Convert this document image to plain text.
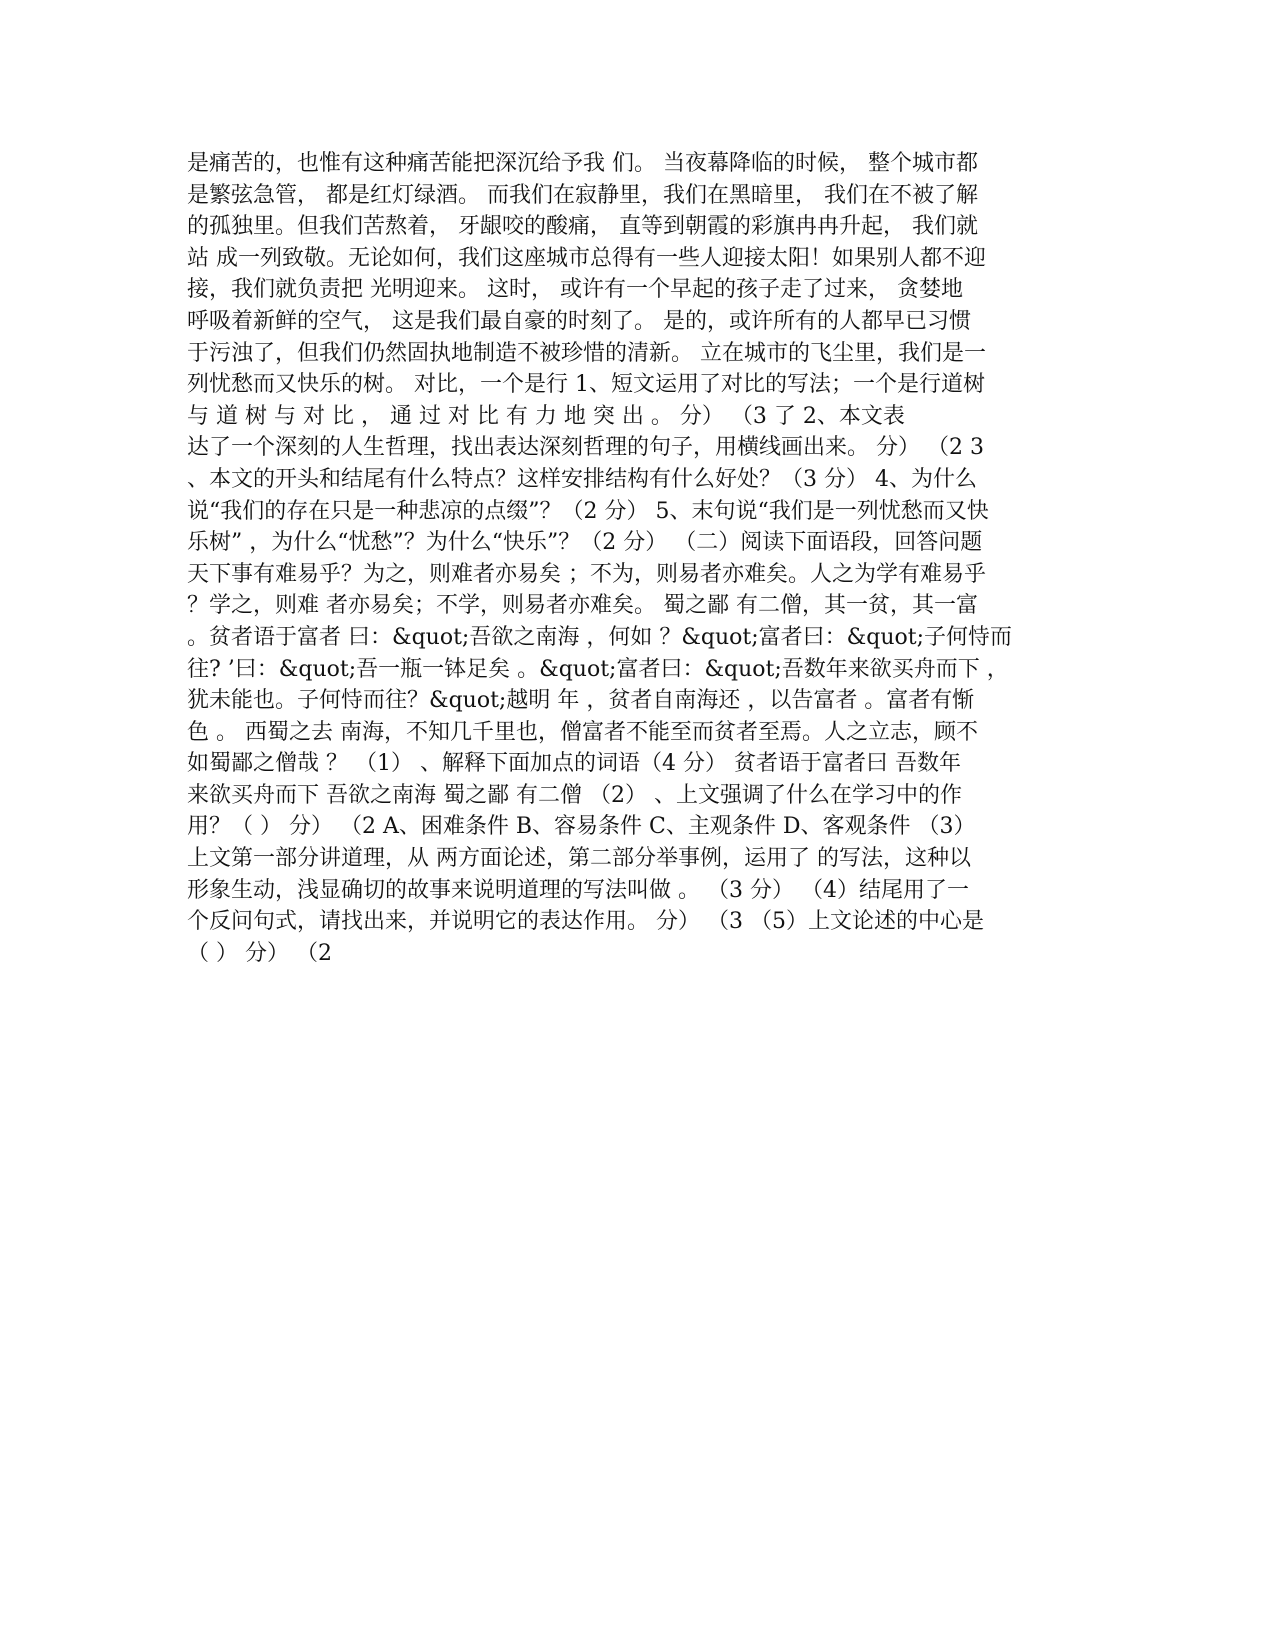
是痛苦的，也惟有这种痛苦能把深沉给予我 们。 当夜幕降临的时候， 整个城市都
是繁弦急管， 都是红灯绿酒。 而我们在寂静里，我们在黑暗里， 我们在不被了解
的孤独里。但我们苦熬着， 牙龈咬的酸痛， 直等到朝霞的彩旗冉冉升起， 我们就
站 成一列致敬。无论如何，我们这座城市总得有一些人迎接太阳！如果别人都不迎
接，我们就负责把 光明迎来。 这时， 或许有一个早起的孩子走了过来， 贪婪地
呼吸着新鲜的空气， 这是我们最自豪的时刻了。 是的，或许所有的人都早已习惯
于污浊了，但我们仍然固执地制造不被珍惜的清新。 立在城市的飞尘里，我们是一
列忧愁而又快乐的树。 对比，一个是行 1、短文运用了对比的写法；一个是行道树
与 道 树 与 对 比 ， 通 过 对 比 有 力 地 突 出 。 分） （3 了 2、本文表
达了一个深刻的人生哲理，找出表达深刻哲理的句子，用横线画出来。 分） （2 3
、本文的开头和结尾有什么特点？这样安排结构有什么好处？（3 分） 4、为什么
说“我们的存在只是一种悲凉的点缀”？（2 分） 5、末句说“我们是一列忧愁而又快
乐树” ，为什么“忧愁”？为什么“快乐”？（2 分） （二）阅读下面语段，回答问题
天下事有难易乎？为之，则难者亦易矣 ；不为，则易者亦难矣。人之为学有难易乎
？学之，则难 者亦易矣；不学，则易者亦难矣。 蜀之鄙 有二僧，其一贫，其一富
。贫者语于富者 曰：&quot;吾欲之南海 ，何如 ？&quot;富者曰：&quot;子何恃而
往? ’曰：&quot;吾一瓶一钵足矣 。&quot;富者曰：&quot;吾数年来欲买舟而下 ，
犹未能也。子何恃而往？&quot;越明 年 ，贫者自南海还 ，以告富者 。富者有惭
色 。 西蜀之去 南海，不知几千里也，僧富者不能至而贫者至焉。人之立志，顾不
如蜀鄙之僧哉 ？ （1） 、解释下面加点的词语（4 分） 贫者语于富者曰 吾数年
来欲买舟而下 吾欲之南海 蜀之鄙 有二僧 （2） 、上文强调了什么在学习中的作
用？（ ） 分） （2 A、困难条件 B、容易条件 C、主观条件 D、客观条件 （3）
上文第一部分讲道理，从 两方面论述，第二部分举事例，运用了 的写法，这种以
形象生动，浅显确切的故事来说明道理的写法叫做 。 （3 分） （4）结尾用了一
个反问句式，请找出来，并说明它的表达作用。 分） （3 （5）上文论述的中心是
（ ） 分） （2
